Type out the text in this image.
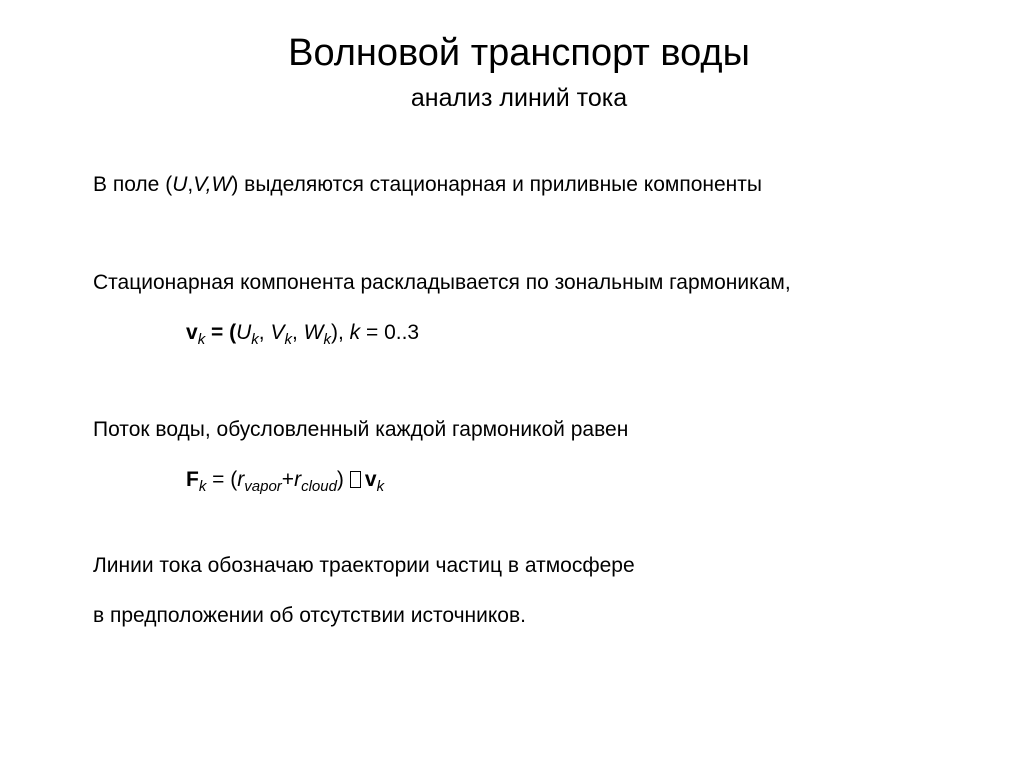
Волновой транспорт воды
анализ линий тока
В поле (U,V,W) выделяются стационарная и приливные компоненты
Стационарная компонента раскладывается по зональным гармоникам,
$v_k = (U_k$, $V_k$, $W_k$), k = 0..3
Поток воды, обусловленный каждой гармоникой равен
$F_k = (r_{vapor}+r_{cloud})$ $v_k$
Линии тока обозначаю траектории частиц в атмосфере
в предположении об отсутствии источников.
